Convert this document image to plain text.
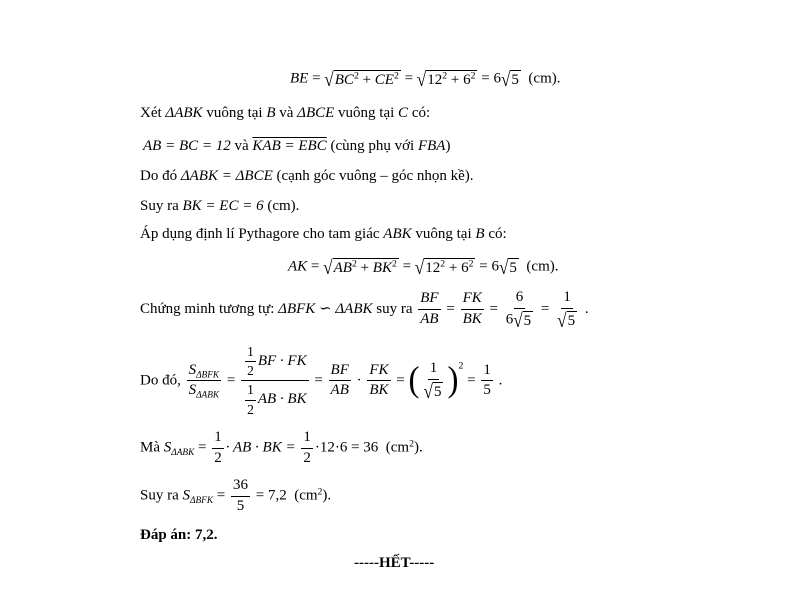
BE = √ $BC^2 + CE^2$ = √ $12^2 + 6^2 = 6$ √ 5 (cm).
Xét ΔABK vuông tại B và ΔBCE vuông tại C có:
AB = BC = 12 và KAB = EBC (cùng phụ với FBA)
Do đó ΔABK = ΔBCE (cạnh góc vuông – góc nhọn kề).
Suy ra BK = EC = 6 (cm).
Áp dụng định lí Pythagore cho tam giác ABK vuông tại B có:
AK = √ $AB^2 + BK^2$ = √ $12^2 + 6^2 = 6$ √ 5 (cm).
Chứng minh tương tự: ΔBFK ∽ ΔABK suy ra $\frac{BF}{AB} = \frac{FK}{BK} = \frac{6}{6 √ 5} = \frac{1}{√ 5}$ .
Do đó, $\frac{S_{\Delta BFK}}{S_{\Delta ABK}} = \frac{\frac{1}{2} BF \cdot FK}{\frac{1}{2} AB \cdot BK} = \frac{BF}{AB} \cdot \frac{FK}{BK}$ = ( $\frac{1}{√ 5} )^2 = \frac{1}{5}$ .
Mà $S_{\Delta ABK} = \frac{1}{2}$ · AB · BK = $\frac{1}{2} \cdot 12\cdot 6 = 36$ $(cm^2)$.
Suy ra $S_{\Delta BFK} = \frac{36}{5} = 7,2$ $(cm^2)$.
Đáp án: 7,2.
-----HẾT-----
